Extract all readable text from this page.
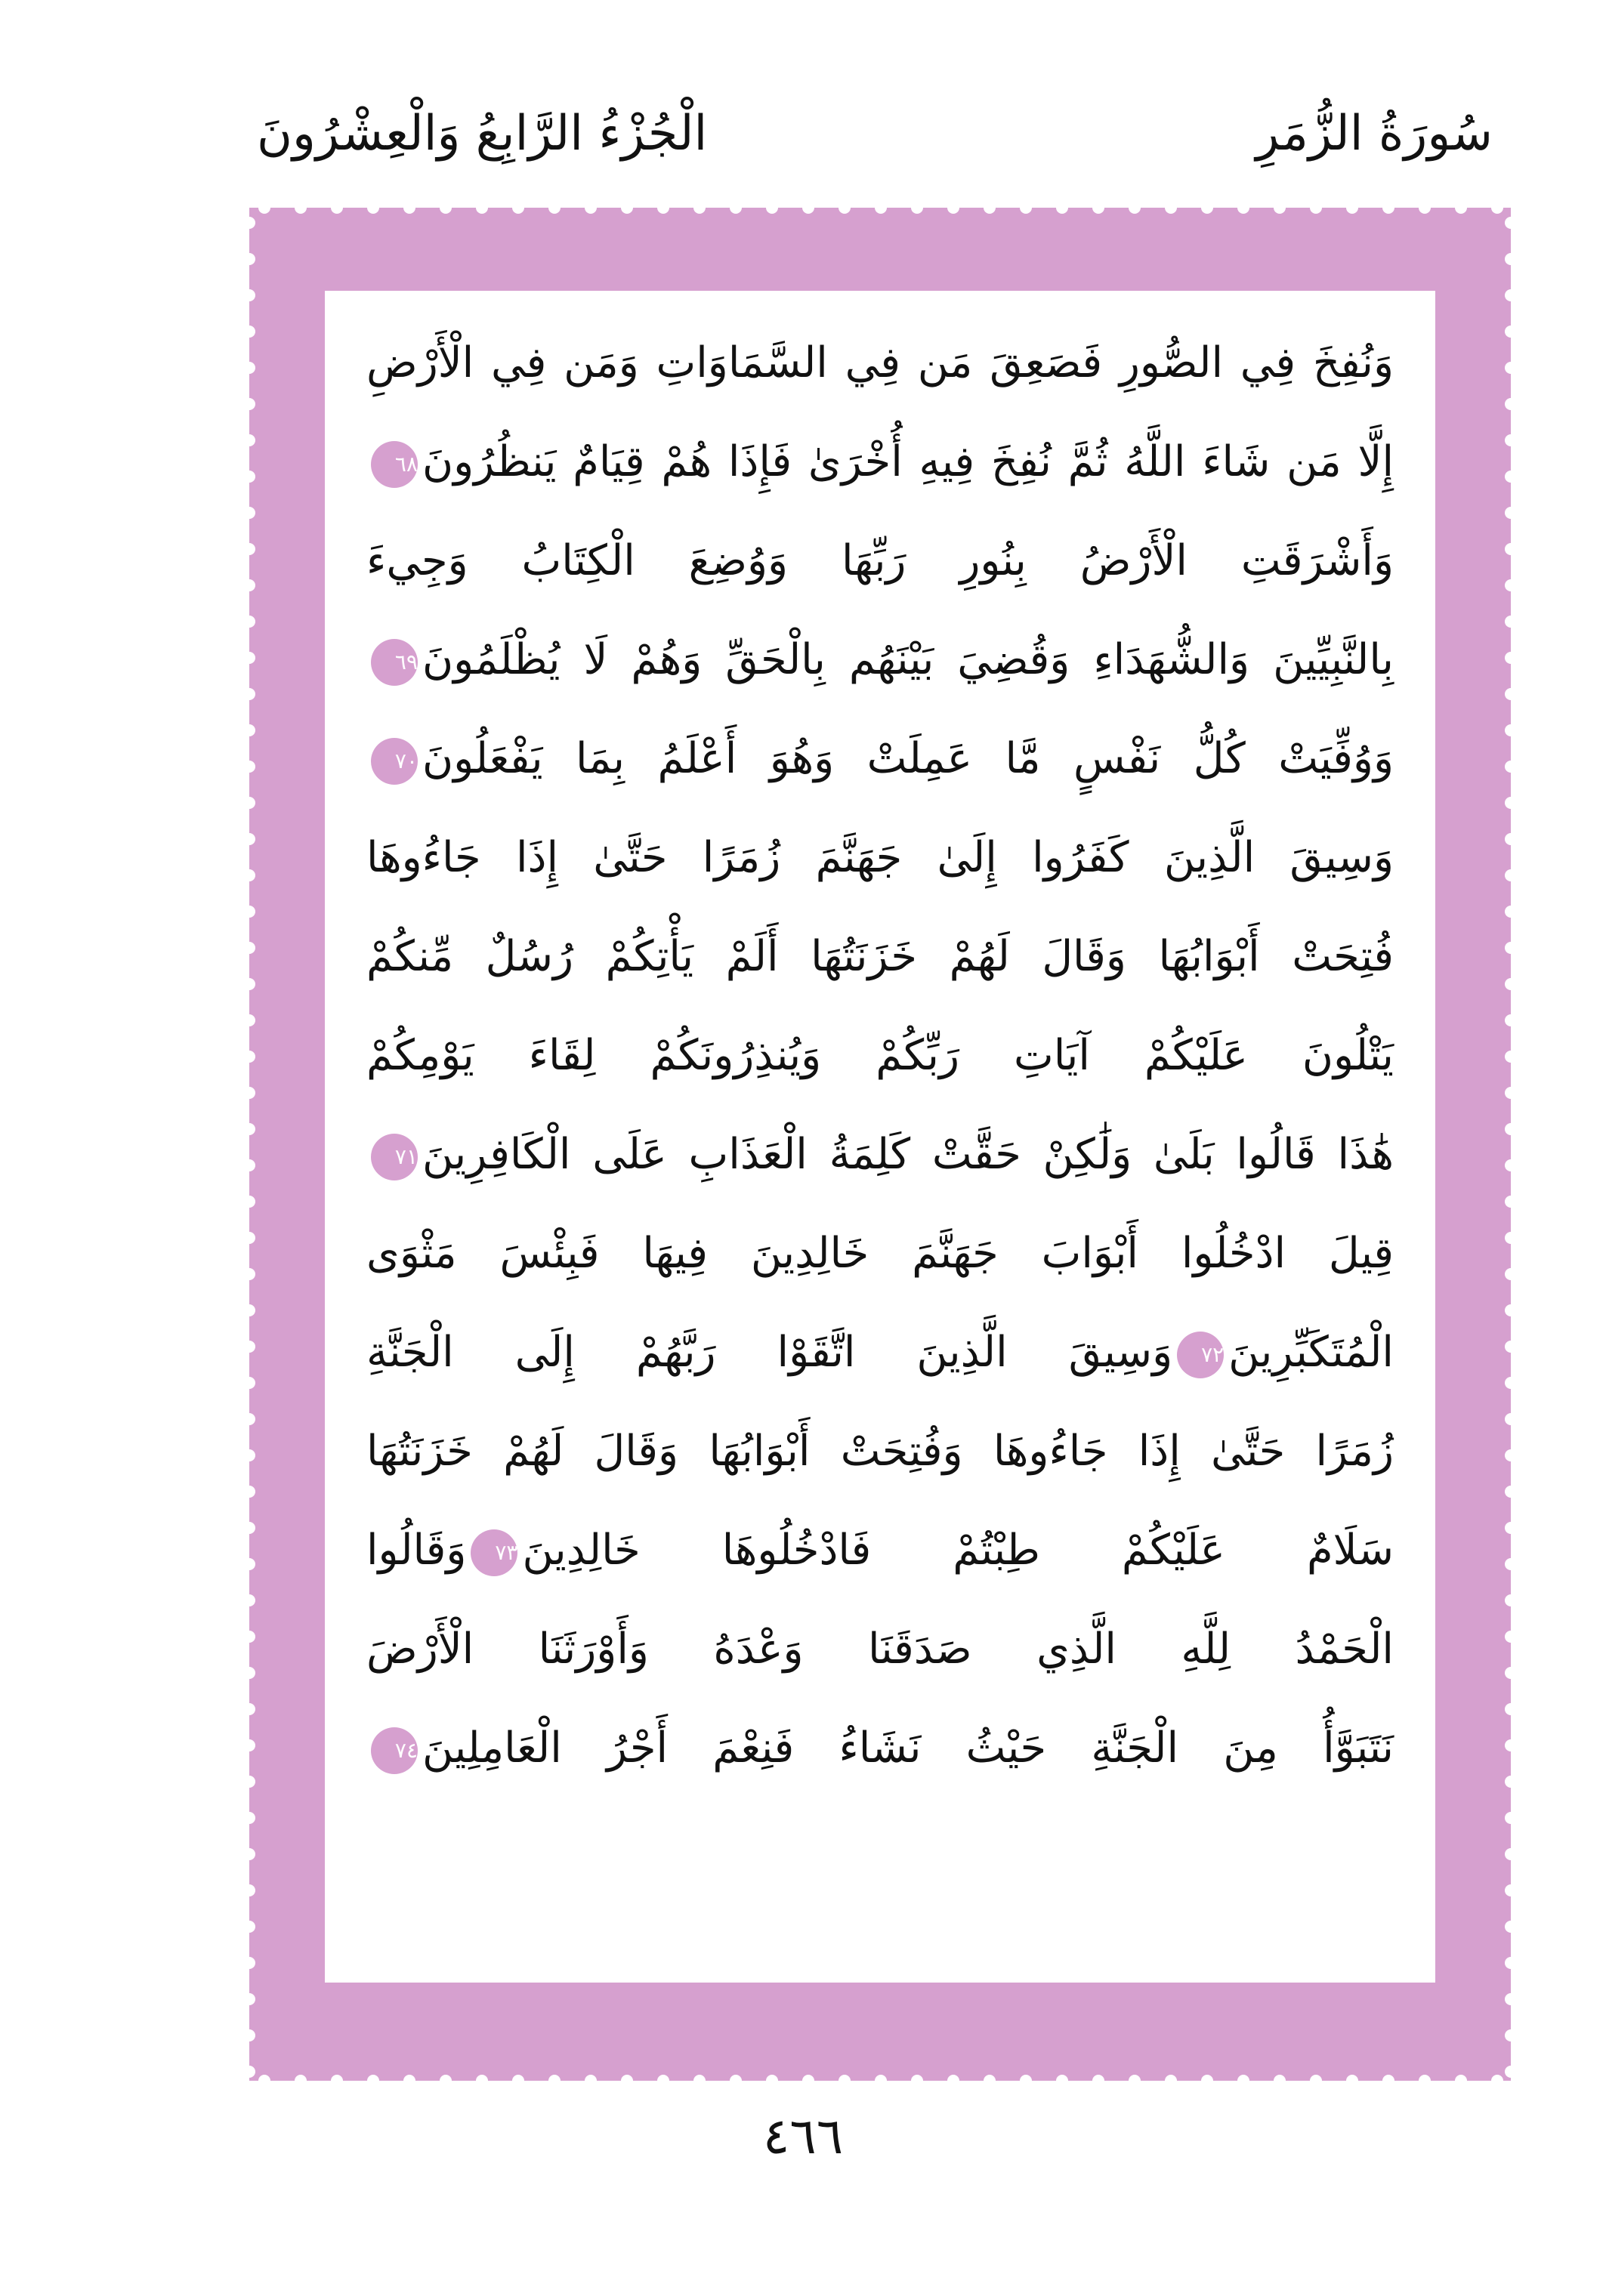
سُورَةُ الزُّمَرِ
الْجُزْءُ الرَّابِعُ وَالْعِشْرُونَ
وَنُفِخَ فِي الصُّورِ فَصَعِقَ مَن فِي السَّمَاوَاتِ وَمَن فِي الْأَرْضِ
إِلَّا مَن شَاءَ اللَّهُ ثُمَّ نُفِخَ فِيهِ أُخْرَىٰ فَإِذَا هُمْ قِيَامٌ يَنظُرُونَ٦٨
وَأَشْرَقَتِ الْأَرْضُ بِنُورِ رَبِّهَا وَوُضِعَ الْكِتَابُ وَجِيءَ
بِالنَّبِيِّينَ وَالشُّهَدَاءِ وَقُضِيَ بَيْنَهُم بِالْحَقِّ وَهُمْ لَا يُظْلَمُونَ٦٩
وَوُفِّيَتْ كُلُّ نَفْسٍ مَّا عَمِلَتْ وَهُوَ أَعْلَمُ بِمَا يَفْعَلُونَ٧٠
وَسِيقَ الَّذِينَ كَفَرُوا إِلَىٰ جَهَنَّمَ زُمَرًا حَتَّىٰ إِذَا جَاءُوهَا
فُتِحَتْ أَبْوَابُهَا وَقَالَ لَهُمْ خَزَنَتُهَا أَلَمْ يَأْتِكُمْ رُسُلٌ مِّنكُمْ
يَتْلُونَ عَلَيْكُمْ آيَاتِ رَبِّكُمْ وَيُنذِرُونَكُمْ لِقَاءَ يَوْمِكُمْ
هَٰذَا قَالُوا بَلَىٰ وَلَٰكِنْ حَقَّتْ كَلِمَةُ الْعَذَابِ عَلَى الْكَافِرِينَ٧١
قِيلَ ادْخُلُوا أَبْوَابَ جَهَنَّمَ خَالِدِينَ فِيهَا فَبِئْسَ مَثْوَى
الْمُتَكَبِّرِينَ٧٢وَسِيقَ الَّذِينَ اتَّقَوْا رَبَّهُمْ إِلَى الْجَنَّةِ
زُمَرًا حَتَّىٰ إِذَا جَاءُوهَا وَفُتِحَتْ أَبْوَابُهَا وَقَالَ لَهُمْ خَزَنَتُهَا
سَلَامٌ عَلَيْكُمْ طِبْتُمْ فَادْخُلُوهَا خَالِدِينَ٧٣وَقَالُوا
الْحَمْدُ لِلَّهِ الَّذِي صَدَقَنَا وَعْدَهُ وَأَوْرَثَنَا الْأَرْضَ
نَتَبَوَّأُ مِنَ الْجَنَّةِ حَيْثُ نَشَاءُ فَنِعْمَ أَجْرُ الْعَامِلِينَ٧٤
٤٦٦
